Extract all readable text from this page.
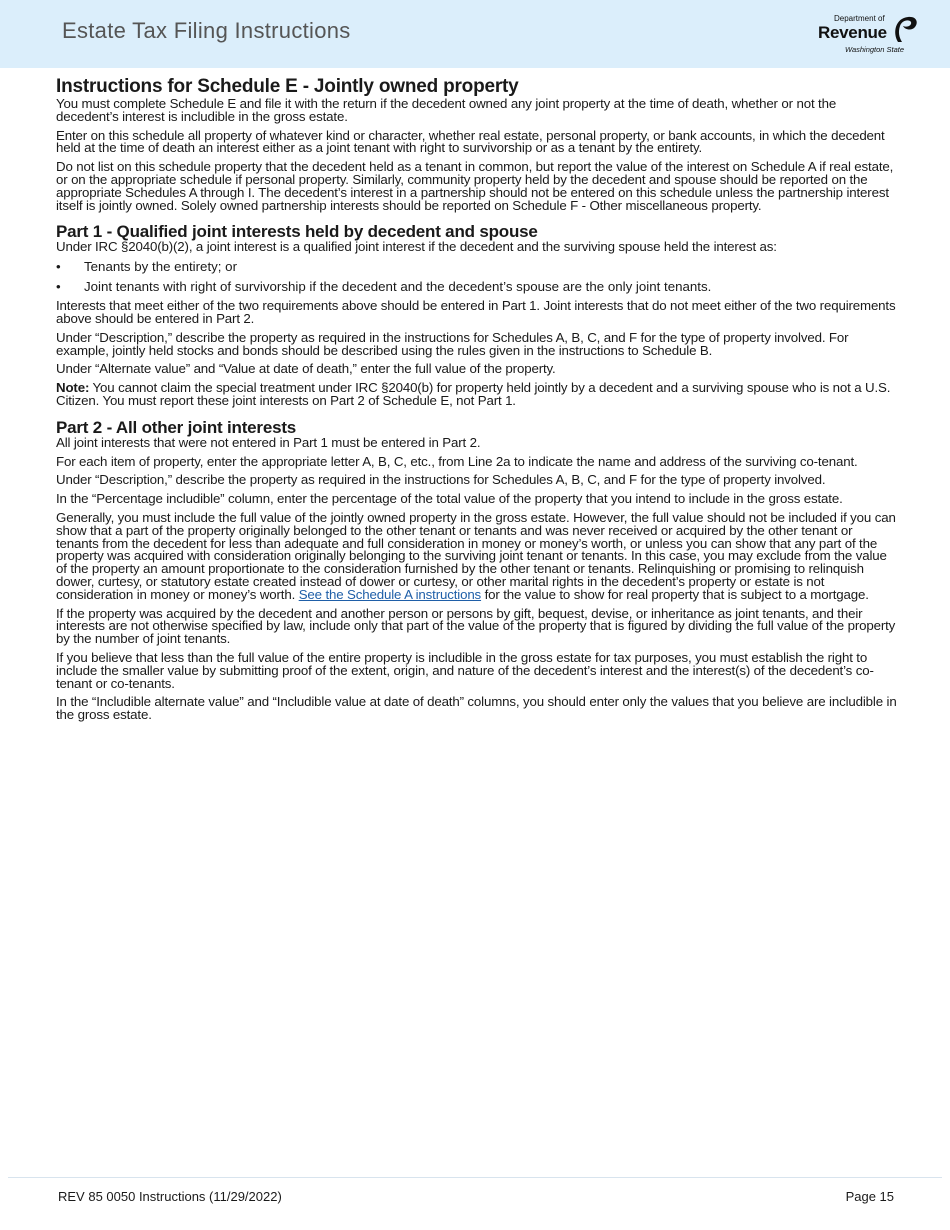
Estate Tax Filing Instructions	Department of
Revenue
Washington State
Instructions for Schedule E - Jointly owned property

You must complete Schedule E and file it with the return if the decedent owned any joint property at the time of death, whether or not the decedent’s interest is includible in the gross estate.

Enter on this schedule all property of whatever kind or character, whether real estate, personal property, or bank accounts, in which the decedent held at the time of death an interest either as a joint tenant with right to survivorship or as a tenant by the entirety.

Do not list on this schedule property that the decedent held as a tenant in common, but report the value of the interest on Schedule A if real estate, or on the appropriate schedule if personal property. Similarly, community property held by the decedent and spouse should be reported on the appropriate Schedules A through I. The decedent’s interest in a partnership should not be entered on this schedule unless the partnership interest itself is jointly owned. Solely owned partnership interests should be reported on Schedule F - Other miscellaneous property.

Part 1 - Qualified joint interests held by decedent and spouse

Under IRC §2040(b)(2), a joint interest is a qualified joint interest if the decedent and the surviving spouse held the interest as:

•	Tenants by the entirety; or
•	Joint tenants with right of survivorship if the decedent and the decedent’s spouse are the only joint tenants.

Interests that meet either of the two requirements above should be entered in Part 1. Joint interests that do not meet either of the two requirements above should be entered in Part 2.

Under “Description,” describe the property as required in the instructions for Schedules A, B, C, and F for the type of property involved. For example, jointly held stocks and bonds should be described using the rules given in the instructions to Schedule B.

Under “Alternate value” and “Value at date of death,” enter the full value of the property.

Note: You cannot claim the special treatment under IRC §2040(b) for property held jointly by a decedent and a surviving spouse who is not a U.S. Citizen. You must report these joint interests on Part 2 of Schedule E, not Part 1.

Part 2 - All other joint interests

All joint interests that were not entered in Part 1 must be entered in Part 2.

For each item of property, enter the appropriate letter A, B, C, etc., from Line 2a to indicate the name and address of the surviving co-tenant.

Under “Description,” describe the property as required in the instructions for Schedules A, B, C, and F for the type of property involved.

In the “Percentage includible” column, enter the percentage of the total value of the property that you intend to include in the gross estate.

Generally, you must include the full value of the jointly owned property in the gross estate. However, the full value should not be included if you can show that a part of the property originally belonged to the other tenant or tenants and was never received or acquired by the other tenant or tenants from the decedent for less than adequate and full consideration in money or money’s worth, or unless you can show that any part of the property was acquired with consideration originally belonging to the surviving joint tenant or tenants. In this case, you may exclude from the value of the property an amount proportionate to the consideration furnished by the other tenant or tenants. Relinquishing or promising to relinquish dower, curtesy, or statutory estate created instead of dower or curtesy, or other marital rights in the decedent’s property or estate is not consideration in money or money’s worth. See the Schedule A instructions for the value to show for real property that is subject to a mortgage.

If the property was acquired by the decedent and another person or persons by gift, bequest, devise, or inheritance as joint tenants, and their interests are not otherwise specified by law, include only that part of the value of the property that is figured by dividing the full value of the property by the number of joint tenants.

If you believe that less than the full value of the entire property is includible in the gross estate for tax purposes, you must establish the right to include the smaller value by submitting proof of the extent, origin, and nature of the decedent’s interest and the interest(s) of the decedent’s co-tenant or co-tenants.

In the “Includible alternate value” and “Includible value at date of death” columns, you should enter only the values that you believe are includible in the gross estate.

REV 85 0050 Instructions (11/29/2022)	Page 15
